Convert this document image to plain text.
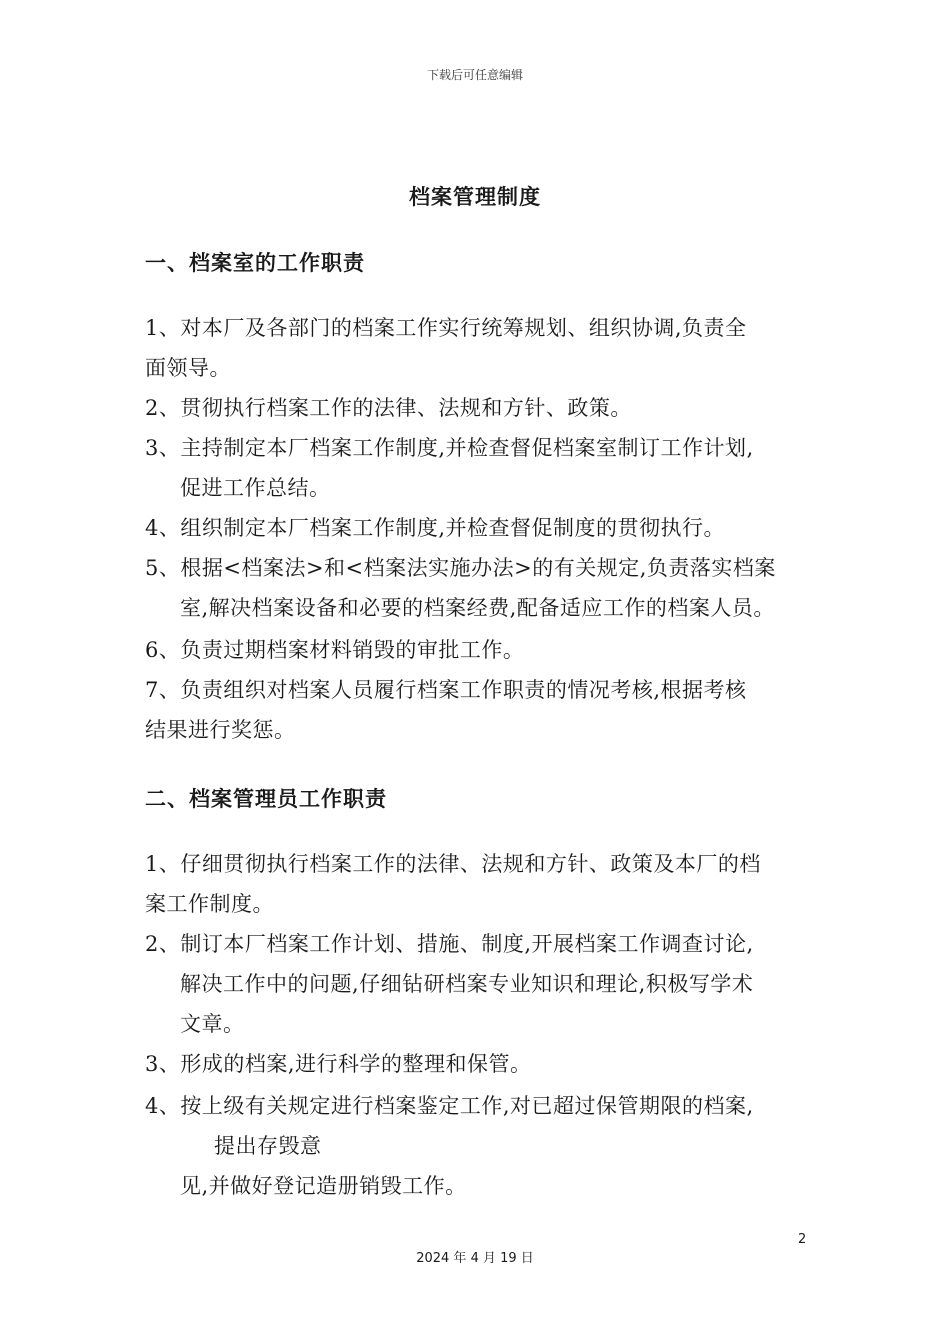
下载后可任意编辑
档案管理制度
一、档案室的工作职责
1、对本厂及各部门的档案工作实行统筹规划、组织协调,负责全
面领导。
2、贯彻执行档案工作的法律、法规和方针、政策。
3、主持制定本厂档案工作制度,并检查督促档案室制订工作计划,
促进工作总结。
4、组织制定本厂档案工作制度,并检查督促制度的贯彻执行。
5、根据<档案法>和<档案法实施办法>的有关规定,负责落实档案
室,解决档案设备和必要的档案经费,配备适应工作的档案人员。
6、负责过期档案材料销毁的审批工作。
7、负责组织对档案人员履行档案工作职责的情况考核,根据考核
结果进行奖惩。
二、档案管理员工作职责
1、仔细贯彻执行档案工作的法律、法规和方针、政策及本厂的档
案工作制度。
2、制订本厂档案工作计划、措施、制度,开展档案工作调查讨论,
解决工作中的问题,仔细钻研档案专业知识和理论,积极写学术
文章。
3、形成的档案,进行科学的整理和保管。
4、按上级有关规定进行档案鉴定工作,对已超过保管期限的档案,
提出存毁意
见,并做好登记造册销毁工作。
2
2024 年 4 月 19 日
